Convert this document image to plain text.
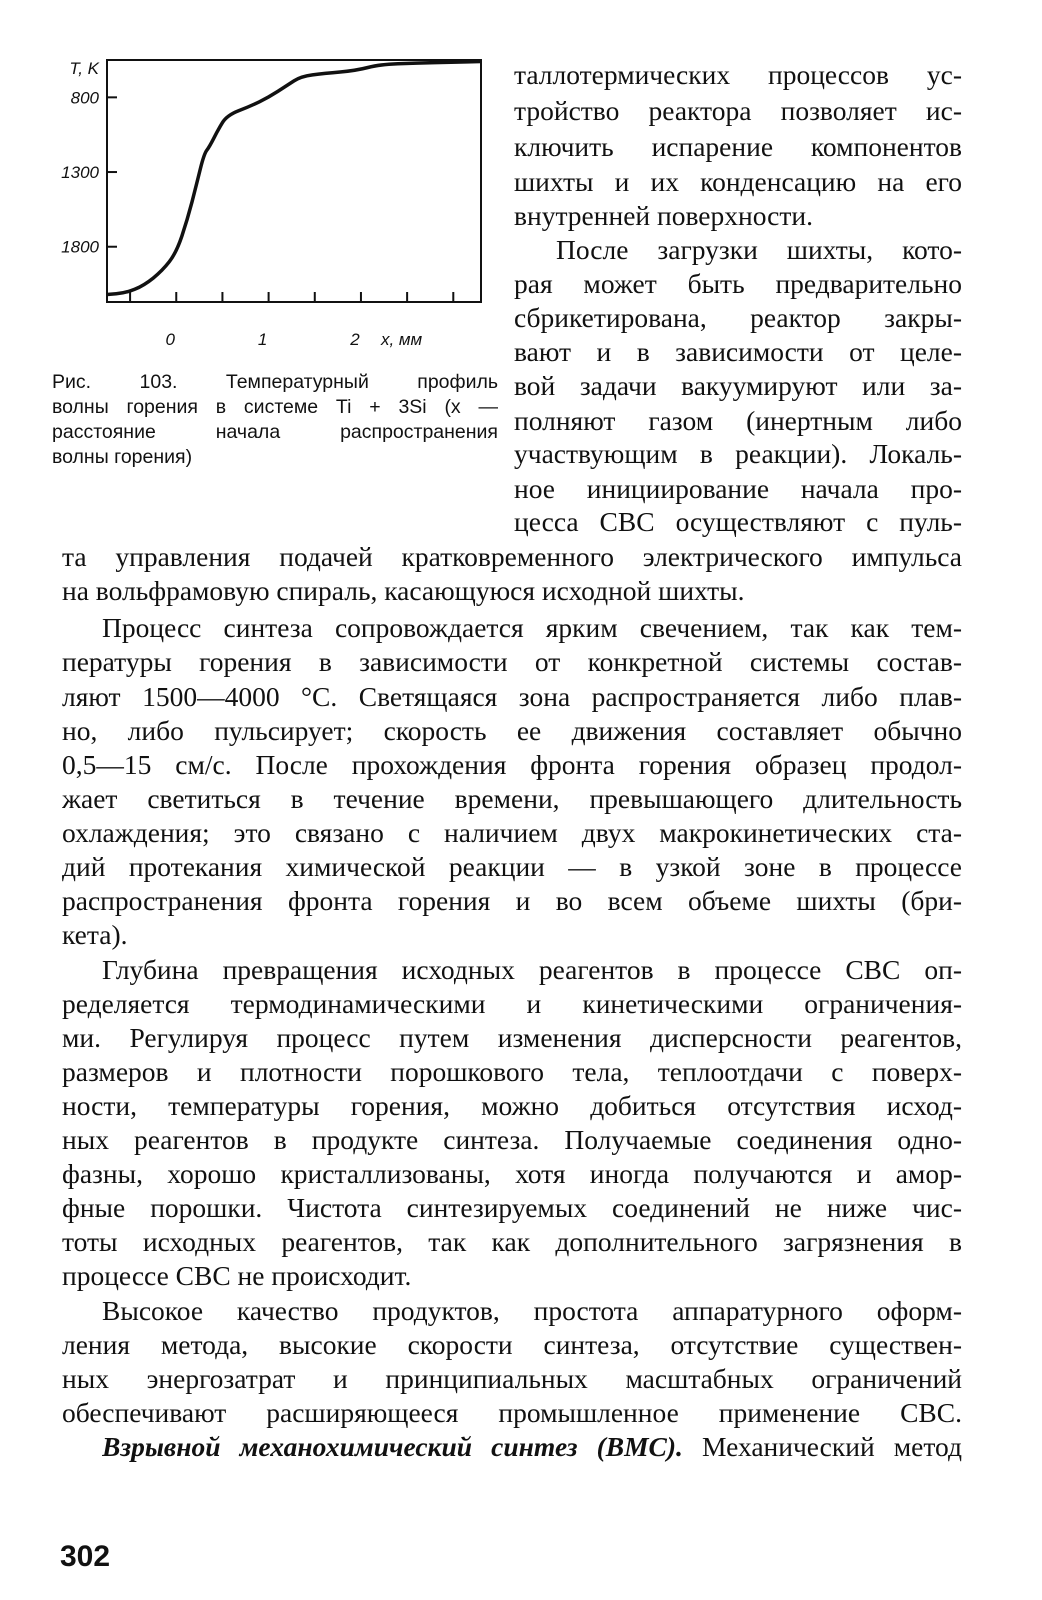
1800
1300
800
0	1	2
T, K
x, мм
Рис. 103. Температурный профиль
волны горения в системе Ti + 3Si (x —
расстояние начала распространения
волны горения)
таллотермических процессов ус-
тройство реактора позволяет ис-
ключить испарение компонентов
шихты и их конденсацию на его
внутренней поверхности.
После загрузки шихты, кото-
рая может быть предварительно
сбрикетирована, реактор закры-
вают и в зависимости от целе-
вой задачи вакуумируют или за-
полняют газом (инертным либо
участвующим в реакции). Локаль-
ное инициирование начала про-
цесса СВС осуществляют с пуль-
та управления подачей кратковременного электрического импульса
на вольфрамовую спираль, касающуюся исходной шихты.
Процесс синтеза сопровождается ярким свечением, так как тем-
пературы горения в зависимости от конкретной системы состав-
ляют 1500—4000 °С. Светящаяся зона распространяется либо плав-
но, либо пульсирует; скорость ее движения составляет обычно
0,5—15 см/с. После прохождения фронта горения образец продол-
жает светиться в течение времени, превышающего длительность
охлаждения; это связано с наличием двух макрокинетических ста-
дий протекания химической реакции — в узкой зоне в процессе
распространения фронта горения и во всем объеме шихты (бри-
кета).
Глубина превращения исходных реагентов в процессе СВС оп-
ределяется термодинамическими и кинетическими ограничения-
ми. Регулируя процесс путем изменения дисперсности реагентов,
размеров и плотности порошкового тела, теплоотдачи с поверх-
ности, температуры горения, можно добиться отсутствия исход-
ных реагентов в продукте синтеза. Получаемые соединения одно-
фазны, хорошо кристаллизованы, хотя иногда получаются и амор-
фные порошки. Чистота синтезируемых соединений не ниже чис-
тоты исходных реагентов, так как дополнительного загрязнения в
процессе СВС не происходит.
Высокое качество продуктов, простота аппаратурного оформ-
ления метода, высокие скорости синтеза, отсутствие существен-
ных энергозатрат и принципиальных масштабных ограничений
обеспечивают расширяющееся промышленное применение СВС.
Взрывной механохимический синтез (ВМС). Механический метод
302
